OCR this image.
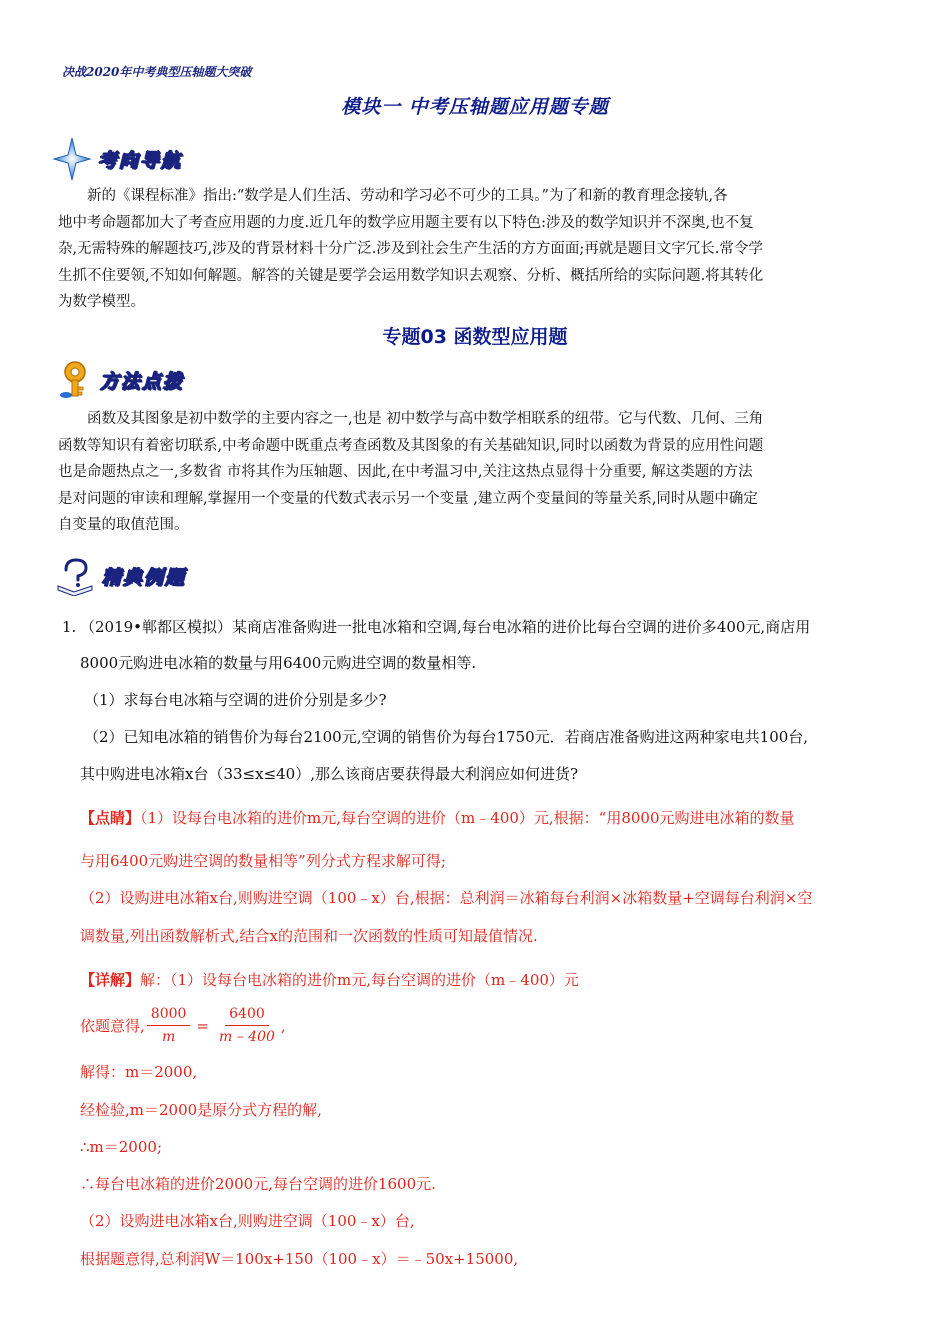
决战2020年中考典型压轴题大突破
模块一 中考压轴题应用题专题
考向导航
新的《课程标准》指出:“数学是人们生活、劳动和学习必不可少的工具。”为了和新的教育理念接轨,各
地中考命题都加大了考查应用题的力度.近几年的数学应用题主要有以下特色:涉及的数学知识并不深奥,也不复
杂,无需特殊的解题技巧,涉及的背景材料十分广泛.涉及到社会生产生活的方方面面;再就是题目文字冗长.常令学
生抓不住要领,不知如何解题。解答的关键是要学会运用数学知识去观察、分析、概括所给的实际问题.将其转化
为数学模型。
专题03 函数型应用题
方法点拨
函数及其图象是初中数学的主要内容之一,也是 初中数学与高中数学相联系的纽带。它与代数、几何、三角
函数等知识有着密切联系,中考命题中既重点考查函数及其图象的有关基础知识,同时以函数为背景的应用性问题
也是命题热点之一,多数省 市将其作为压轴题、因此,在中考温习中,关注这热点显得十分重要, 解这类题的方法
是对问题的审读和理解,掌握用一个变量的代数式表示另一个变量 ,建立两个变量间的等量关系,同时从题中确定
自变量的取值范围。
精典例题
1. （2019•郸都区模拟）某商店准备购进一批电冰箱和空调,每台电冰箱的进价比每台空调的进价多400元,商店用
8000元购进电冰箱的数量与用6400元购进空调的数量相等.
（1）求每台电冰箱与空调的进价分别是多少?
（2）已知电冰箱的销售价为每台2100元,空调的销售价为每台1750元．若商店准备购进这两种家电共100台,
其中购进电冰箱x台（33≤x≤40）,那么该商店要获得最大利润应如何进货?
【点睛】（1）设每台电冰箱的进价m元,每台空调的进价（m﹣400）元,根据：“用8000元购进电冰箱的数量
与用6400元购进空调的数量相等”列分式方程求解可得;
（2）设购进电冰箱x台,则购进空调（100﹣x）台,根据：总利润＝冰箱每台利润×冰箱数量+空调每台利润×空
调数量,列出函数解析式,结合x的范围和一次函数的性质可知最值情况.
【详解】解：（1）设每台电冰箱的进价m元,每台空调的进价（m﹣400）元
依题意得, $\frac{8000}{m} = \frac{6400}{m - 400}$ ,
解得：m＝2000,
经检验,m＝2000是原分式方程的解,
∴m＝2000;
∴每台电冰箱的进价2000元,每台空调的进价1600元.
（2）设购进电冰箱x台,则购进空调（100﹣x）台,
根据题意得,总利润W＝100x+150（100﹣x）＝﹣50x+15000,
